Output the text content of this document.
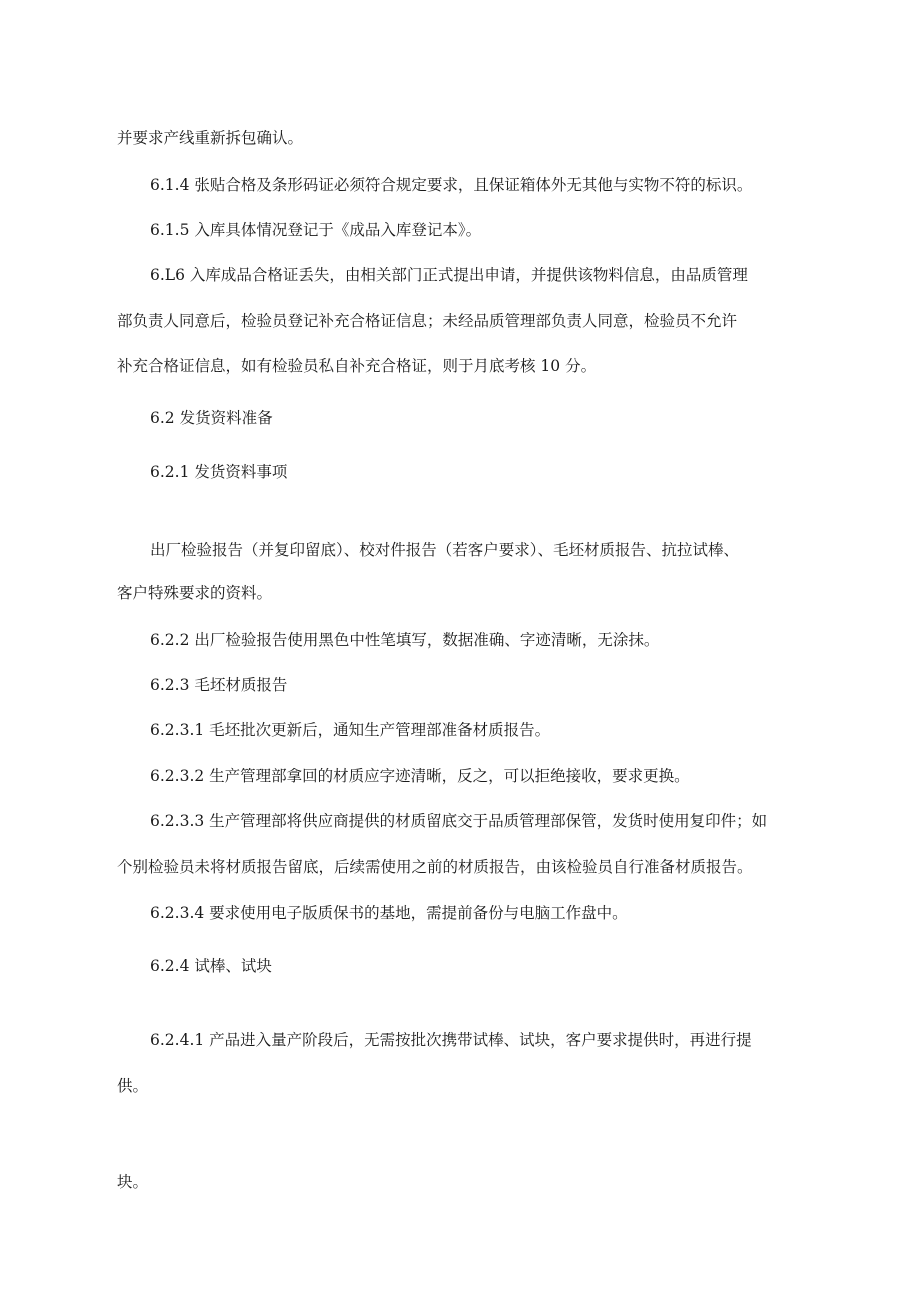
并要求产线重新拆包确认。

6.1.4 张贴合格及条形码证必须符合规定要求，且保证箱体外无其他与实物不符的标识。

6.1.5 入库具体情况登记于《成品入库登记本》。

6.L6 入库成品合格证丢失，由相关部门正式提出申请，并提供该物料信息，由品质管理

部负责人同意后，检验员登记补充合格证信息；未经品质管理部负责人同意，检验员不允许

补充合格证信息，如有检验员私自补充合格证，则于月底考核 10 分。

6.2 发货资料准备

6.2.1 发货资料事项

出厂检验报告（并复印留底）、校对件报告（若客户要求）、毛坯材质报告、抗拉试棒、

客户特殊要求的资料。

6.2.2 出厂检验报告使用黑色中性笔填写，数据准确、字迹清晰，无涂抹。

6.2.3 毛坯材质报告

6.2.3.1 毛坯批次更新后，通知生产管理部准备材质报告。

6.2.3.2 生产管理部拿回的材质应字迹清晰，反之，可以拒绝接收，要求更换。

6.2.3.3 生产管理部将供应商提供的材质留底交于品质管理部保管，发货时使用复印件；如

个别检验员未将材质报告留底，后续需使用之前的材质报告，由该检验员自行准备材质报告。

6.2.3.4 要求使用电子版质保书的基地，需提前备份与电脑工作盘中。

6.2.4 试棒、试块

6.2.4.1 产品进入量产阶段后，无需按批次携带试棒、试块，客户要求提供时，再进行提

供。

块。
